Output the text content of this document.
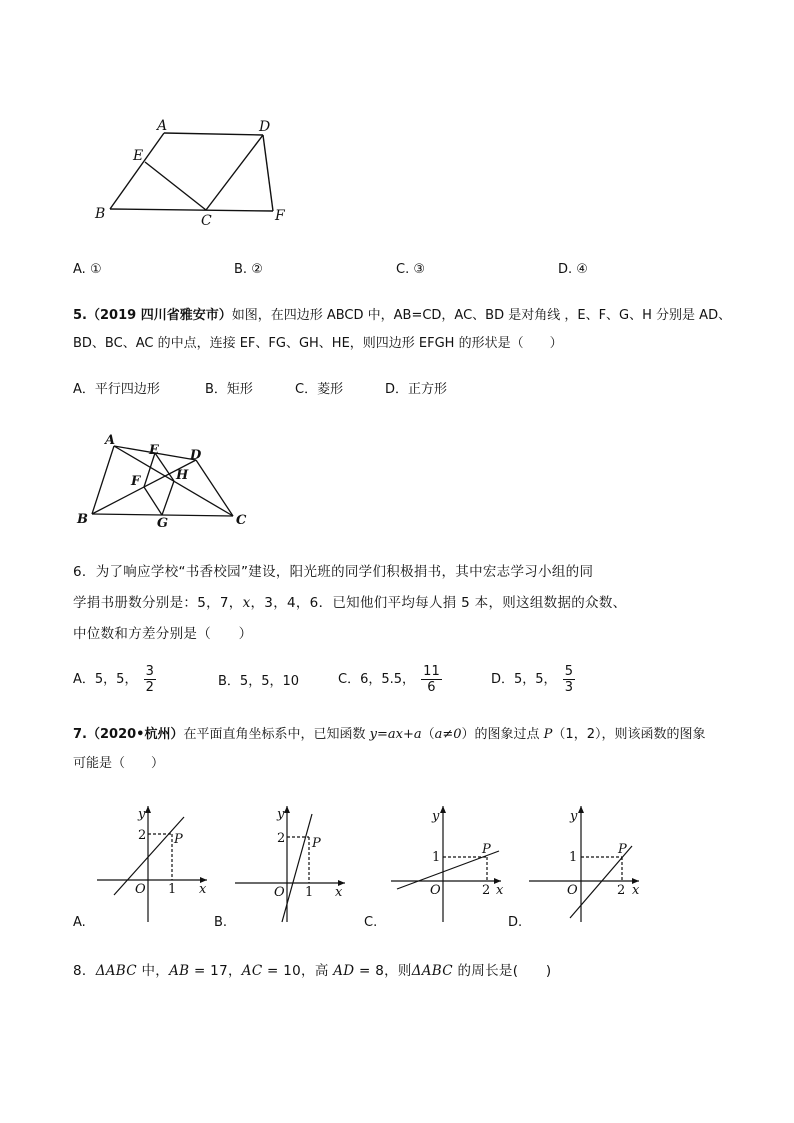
A	D
E
B	C	F
A. ①	B. ②	C. ③	D. ④
5.（2019 四川省雅安市）如图，在四边形 ABCD 中，AB=CD，AC、BD 是对角线 ，E、F、G、H 分别是 AD、
BD、BC、AC 的中点，连接 EF、FG、GH、HE，则四边形 EFGH 的形状是（　　）
A．平行四边形	B．矩形	C．菱形	D．正方形
A
E D
F	H
B	G	C
6．为了响应学校“书香校园”建设，阳光班的同学们积极捐书，其中宏志学习小组的同
学捐书册数分别是：5，7，x，3，4，6．已知他们平均每人捐 5 本，则这组数据的众数、
中位数和方差分别是（　　）
A．5，5， $\frac{3}{2}$	B．5，5，10	C．6，5.5， $\frac{11}{6}$	D．5，5， $\frac{5}{3}$
7.（2020•杭州）在平面直角坐标系中，已知函数 y=ax+a（a≠0）的图象过点 P（1，2），则该函数的图象
可能是（　　）
y
x
O
P
2
1
A.
y
x
O
P
2
1
B.
y
x
O
P
1
2
C.
y
x
O
P
1
2
D.
8．ΔABC 中，AB = 17，AC = 10，高 AD = 8，则ΔABC 的周长是(　　)
